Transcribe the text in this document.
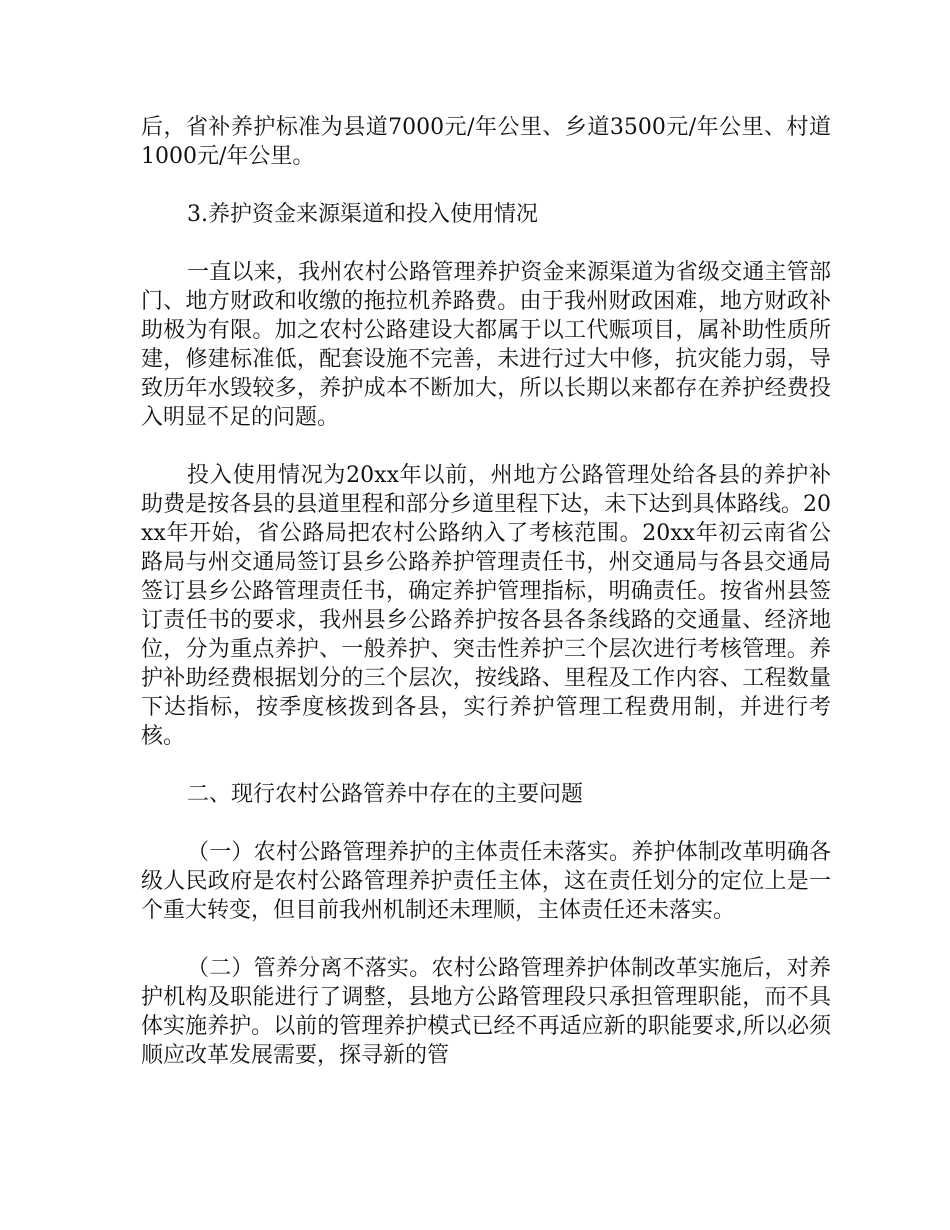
后，省补养护标准为县道7000元/年公里、乡道3500元/年公里、村道1000元/年公里。

3.养护资金来源渠道和投入使用情况

一直以来，我州农村公路管理养护资金来源渠道为省级交通主管部门、地方财政和收缴的拖拉机养路费。由于我州财政困难，地方财政补助极为有限。加之农村公路建设大都属于以工代赈项目，属补助性质所建，修建标准低，配套设施不完善，未进行过大中修，抗灾能力弱，导致历年水毁较多，养护成本不断加大，所以长期以来都存在养护经费投入明显不足的问题。

投入使用情况为20xx年以前，州地方公路管理处给各县的养护补助费是按各县的县道里程和部分乡道里程下达，未下达到具体路线。20xx年开始，省公路局把农村公路纳入了考核范围。20xx年初云南省公路局与州交通局签订县乡公路养护管理责任书，州交通局与各县交通局签订县乡公路管理责任书，确定养护管理指标，明确责任。按省州县签订责任书的要求，我州县乡公路养护按各县各条线路的交通量、经济地位，分为重点养护、一般养护、突击性养护三个层次进行考核管理。养护补助经费根据划分的三个层次，按线路、里程及工作内容、工程数量下达指标，按季度核拨到各县，实行养护管理工程费用制，并进行考核。

二、现行农村公路管养中存在的主要问题

（一）农村公路管理养护的主体责任未落实。养护体制改革明确各级人民政府是农村公路管理养护责任主体，这在责任划分的定位上是一个重大转变，但目前我州机制还未理顺，主体责任还未落实。

（二）管养分离不落实。农村公路管理养护体制改革实施后，对养护机构及职能进行了调整，县地方公路管理段只承担管理职能，而不具体实施养护。以前的管理养护模式已经不再适应新的职能要求,所以必须顺应改革发展需要，探寻新的管
